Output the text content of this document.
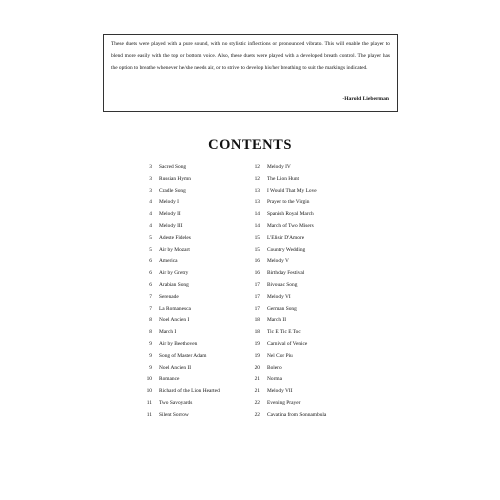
These duets were played with a pure sound, with no stylistic inflections or pronounced vibrato. This will enable the player to blend more easily with the top or bottom voice. Also, these duets were played with a developed breath control. The player has the option to breathe whenever he/she needs air, or to strive to develop his/her breathing to suit the markings indicated.
-Harold Lieberman
CONTENTS
3 Sacred Song
3 Russian Hymn
3 Cradle Song
4 Melody I
4 Melody II
4 Melody III
5 Adeste Fideles
5 Air by Mozart
6 America
6 Air by Gretry
6 Arabian Song
7 Serenade
7 La Romanesca
8 Noel Ancien I
8 March I
9 Air by Beethoven
9 Song of Master Adam
9 Noel Ancien II
10 Romance
10 Richard of the Lion Hearted
11 Two Savoyards
11 Silent Sorrow
12 Melody IV
12 The Lion Hunt
13 I Would That My Love
13 Prayer to the Virgin
14 Spanish Royal March
14 March of Two Misers
15 L'Elisir D'Amore
15 Country Wedding
16 Melody V
16 Birthday Festival
17 Bivouac Song
17 Melody VI
17 German Song
18 March II
18 Tic E Tic E Toc
19 Carnival of Venice
19 Nel Cor Piu
20 Bolero
21 Norma
21 Melody VII
22 Evening Prayer
22 Cavatina from Sonnambula
